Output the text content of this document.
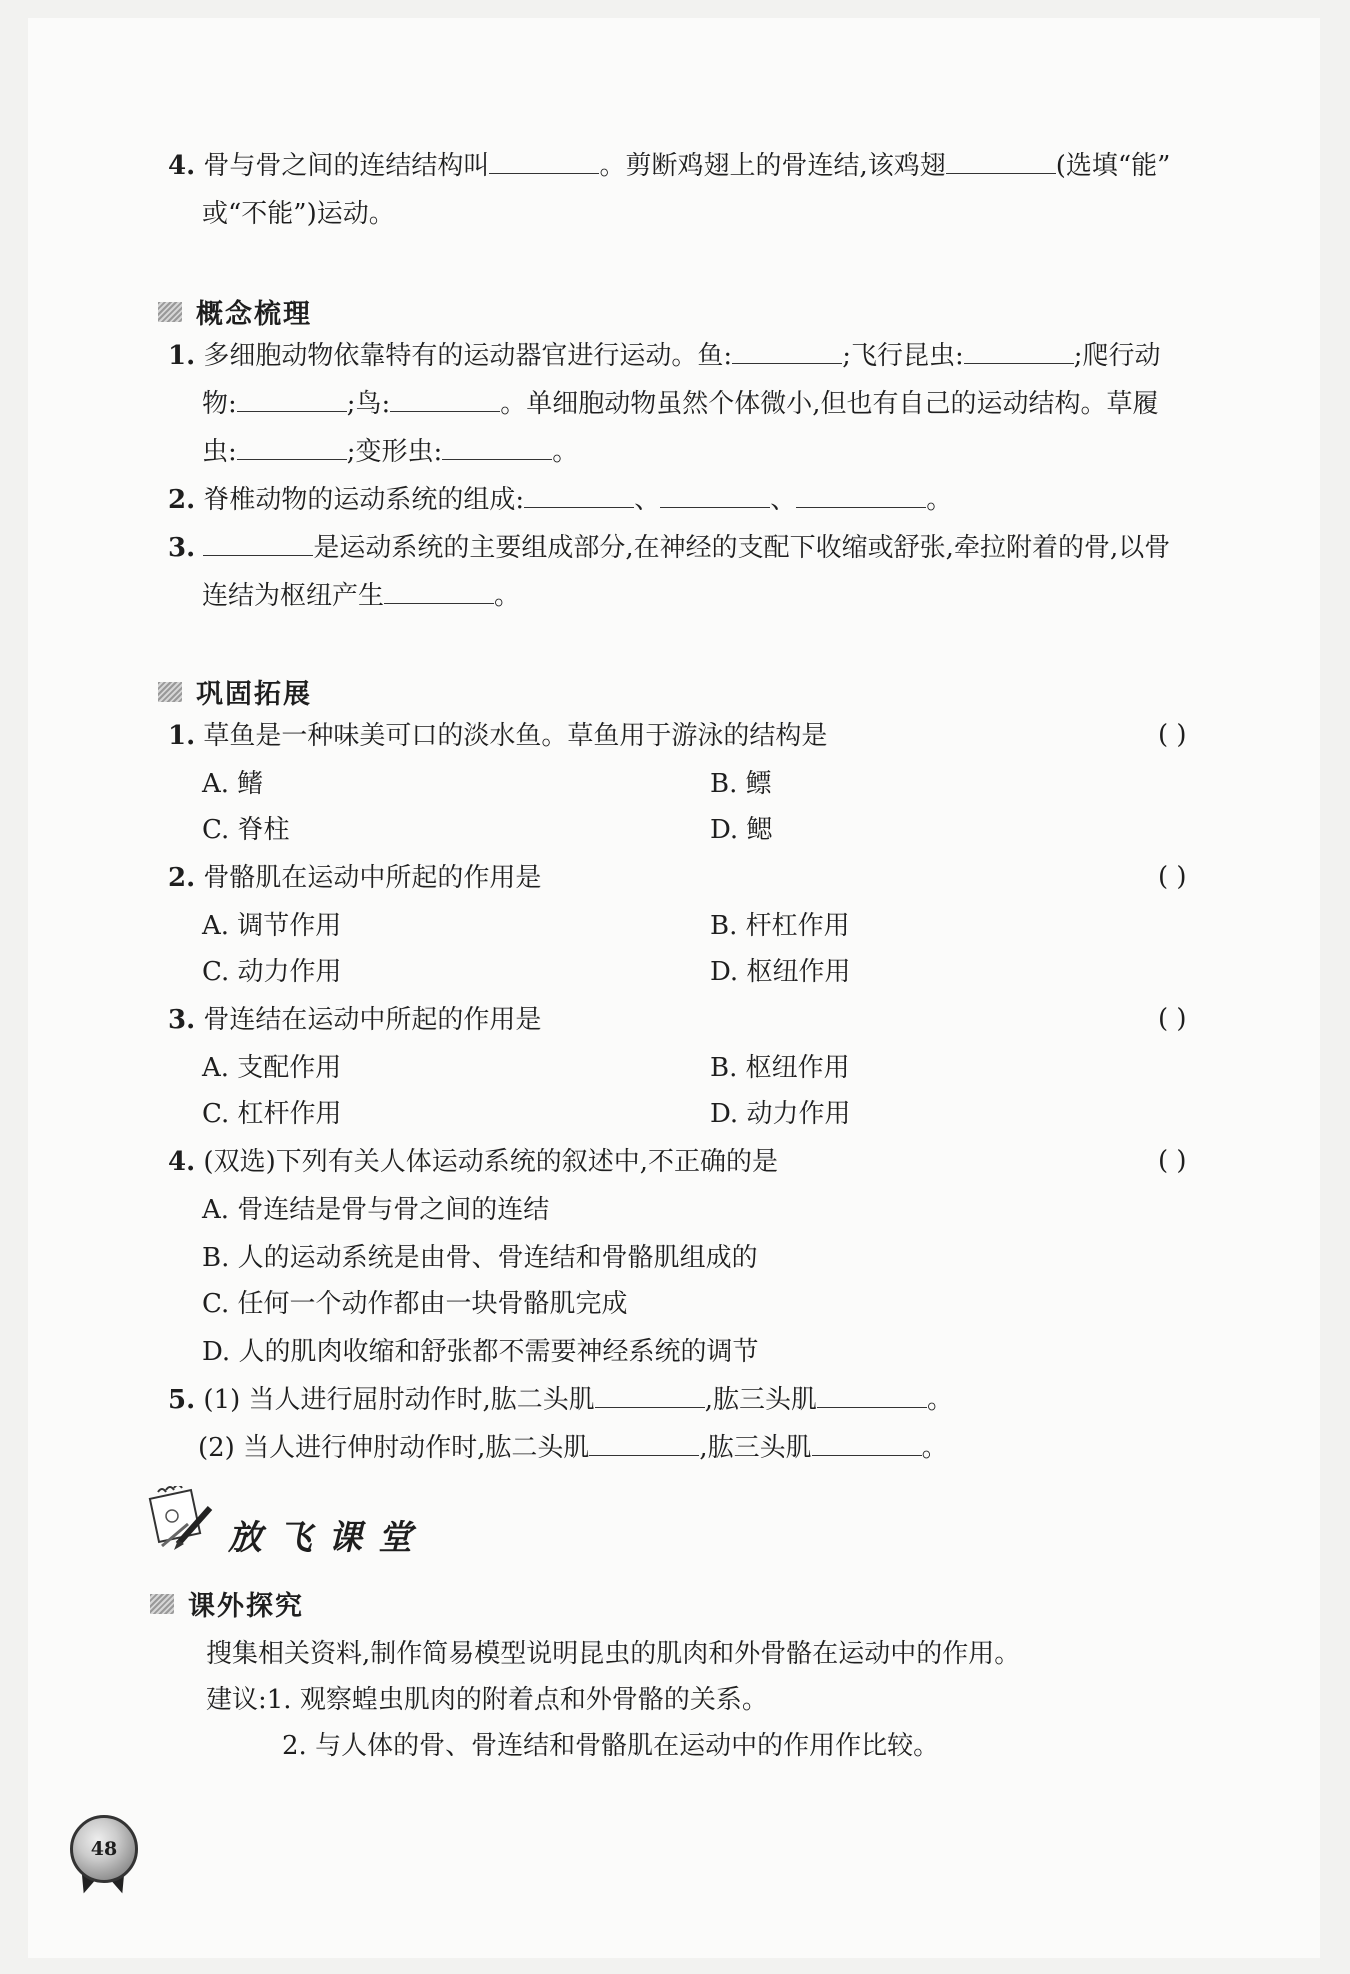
4. 骨与骨之间的连结结构叫	。剪断鸡翅上的骨连结,该鸡翅	(选填“能”
或“不能”)运动。
概念梳理
1. 多细胞动物依靠特有的运动器官进行运动。鱼:	;飞行昆虫:	;爬行动
物:	;鸟:	。单细胞动物虽然个体微小,但也有自己的运动结构。草履
虫:	;变形虫:	。
2. 脊椎动物的运动系统的组成:	、	、	。
3.	是运动系统的主要组成部分,在神经的支配下收缩或舒张,牵拉附着的骨,以骨
连结为枢纽产生	。
巩固拓展
1. 草鱼是一种味美可口的淡水鱼。草鱼用于游泳的结构是	( )
A. 鳍	B. 鳔
C. 脊柱	D. 鳃
2. 骨骼肌在运动中所起的作用是	( )
A. 调节作用	B. 杆杠作用
C. 动力作用	D. 枢纽作用
3. 骨连结在运动中所起的作用是	( )
A. 支配作用	B. 枢纽作用
C. 杠杆作用	D. 动力作用
4. (双选)下列有关人体运动系统的叙述中,不正确的是	( )
A. 骨连结是骨与骨之间的连结
B. 人的运动系统是由骨、骨连结和骨骼肌组成的
C. 任何一个动作都由一块骨骼肌完成
D. 人的肌肉收缩和舒张都不需要神经系统的调节
5. (1) 当人进行屈肘动作时,肱二头肌	,肱三头肌	。
(2) 当人进行伸肘动作时,肱二头肌	,肱三头肌	。
放飞课堂
课外探究
搜集相关资料,制作简易模型说明昆虫的肌肉和外骨骼在运动中的作用。
建议:1. 观察蝗虫肌肉的附着点和外骨骼的关系。
2. 与人体的骨、骨连结和骨骼肌在运动中的作用作比较。
48
